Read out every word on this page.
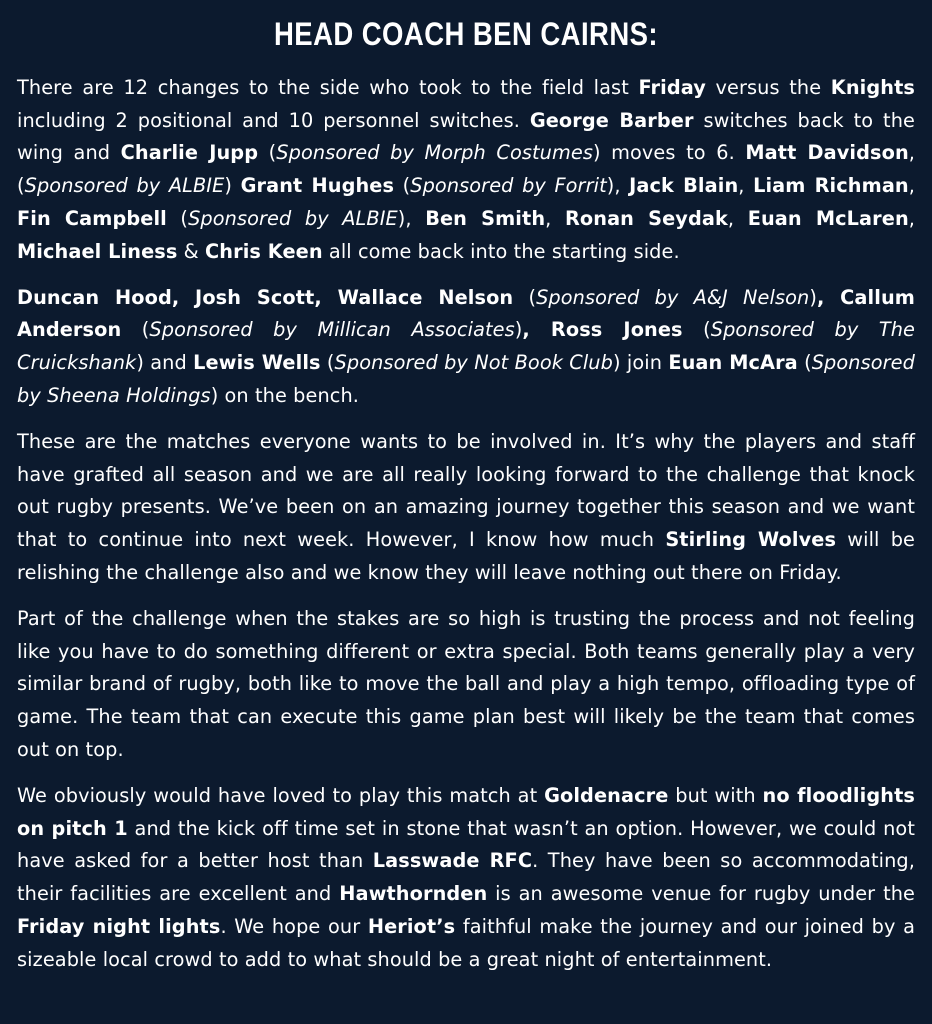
HEAD COACH BEN CAIRNS:

There are 12 changes to the side who took to the field last Friday versus the Knights including 2 positional and 10 personnel switches. George Barber switches back to the wing and Charlie Jupp (Sponsored by Morph Costumes) moves to 6. Matt Davidson, (Sponsored by ALBIE) Grant Hughes (Sponsored by Forrit), Jack Blain, Liam Richman, Fin Campbell (Sponsored by ALBIE), Ben Smith, Ronan Seydak, Euan McLaren, Michael Liness & Chris Keen all come back into the starting side.

Duncan Hood, Josh Scott, Wallace Nelson (Sponsored by A&J Nelson), Callum Anderson (Sponsored by Millican Associates), Ross Jones (Sponsored by The Cruickshank) and Lewis Wells (Sponsored by Not Book Club) join Euan McAra (Sponsored by Sheena Holdings) on the bench.

These are the matches everyone wants to be involved in. It’s why the players and staff have grafted all season and we are all really looking forward to the challenge that knock out rugby presents. We’ve been on an amazing journey together this season and we want that to continue into next week. However, I know how much Stirling Wolves will be relishing the challenge also and we know they will leave nothing out there on Friday.

Part of the challenge when the stakes are so high is trusting the process and not feeling like you have to do something different or extra special. Both teams generally play a very similar brand of rugby, both like to move the ball and play a high tempo, offloading type of game. The team that can execute this game plan best will likely be the team that comes out on top.

We obviously would have loved to play this match at Goldenacre but with no floodlights on pitch 1 and the kick off time set in stone that wasn’t an option. However, we could not have asked for a better host than Lasswade RFC. They have been so accommodating, their facilities are excellent and Hawthornden is an awesome venue for rugby under the Friday night lights. We hope our Heriot’s faithful make the journey and our joined by a sizeable local crowd to add to what should be a great night of entertainment.
